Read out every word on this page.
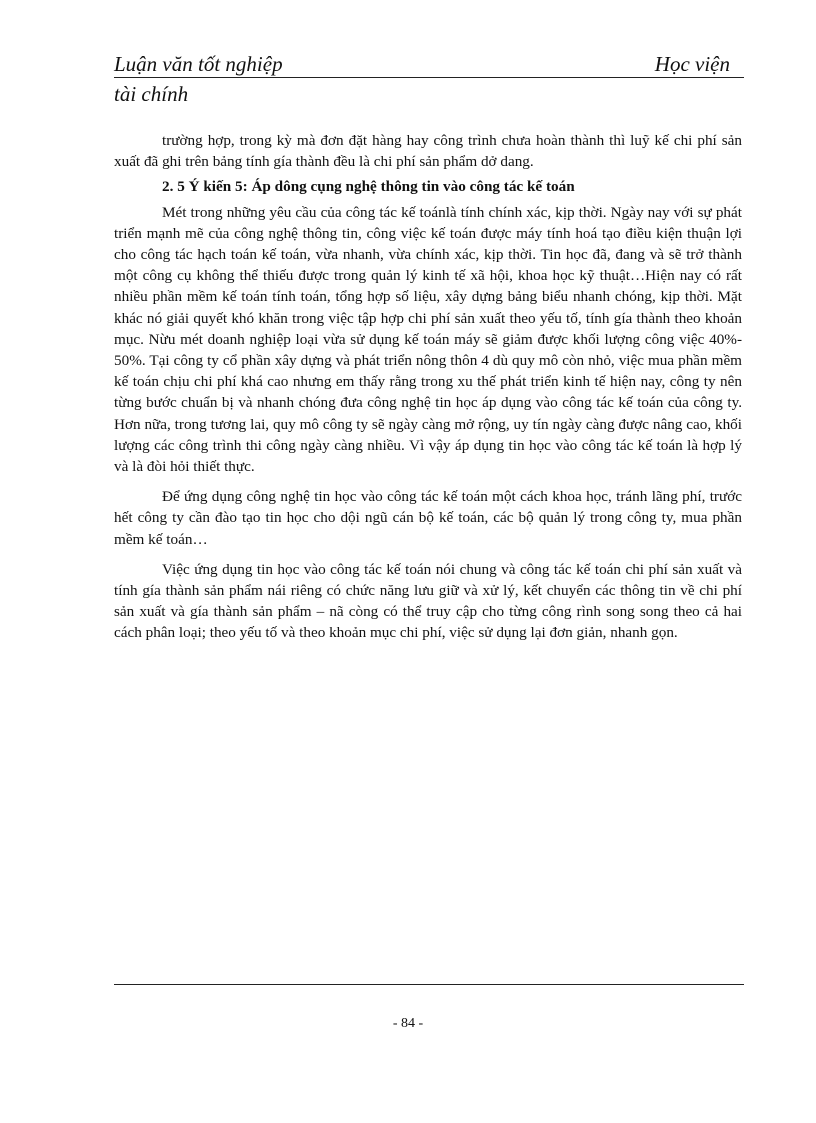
Luận văn tốt nghiệp	Học viện
tài chính

trường hợp, trong kỳ mà đơn đặt hàng hay công trình chưa hoàn thành thì luỹ kế chi phí sản xuất đã ghi trên bảng tính gía thành đều là chi phí sản phẩm dở dang.

2. 5 Ý kiến 5: Áp dông cụng nghệ thông tin vào công tác kế toán

Mét trong những yêu cầu của công tác kế toánlà tính chính xác, kịp thời. Ngày nay với sự phát triển mạnh mẽ của công nghệ thông tin, công việc kế toán được máy tính hoá tạo điều kiện thuận lợi cho công tác hạch toán kế toán, vừa nhanh, vừa chính xác, kịp thời. Tin học đã, đang và sẽ trở thành một công cụ không thể thiếu được trong quản lý kinh tế xã hội, khoa học kỹ thuật…Hiện nay có rất nhiều phần mềm kế toán tính toán, tổng hợp số liệu, xây dựng bảng biểu nhanh chóng, kịp thời. Mặt khác nó giải quyết khó khăn trong việc tập hợp chi phí sản xuất theo yếu tố, tính gía thành theo khoản mục. Nừu mét doanh nghiệp loại vừa sử dụng kế toán máy sẽ giảm được khối lượng công việc 40%- 50%. Tại công ty cổ phần xây dựng và phát triển nông thôn 4 dù quy mô còn nhỏ, việc mua phần mềm kế toán chịu chi phí khá cao nhưng em thấy rằng trong xu thế phát triển kinh tế hiện nay, công ty nên từng bước chuẩn bị và nhanh chóng đưa công nghệ tin học áp dụng vào công tác kế toán của công ty. Hơn nữa, trong tương lai, quy mô công ty sẽ ngày càng mở rộng, uy tín ngày càng được nâng cao, khối lượng các công trình thi công ngày càng nhiều. Vì vậy áp dụng tin học vào công tác kế toán là hợp lý và là đòi hỏi thiết thực.

Để ứng dụng công nghệ tin học vào công tác kế toán một cách khoa học, tránh lãng phí, trước hết công ty cần đào tạo tin học cho dội ngũ cán bộ kế toán, các bộ quản lý trong công ty, mua phần mềm kế toán…

Việc ứng dụng tin học vào công tác kế toán nói chung và công tác kế toán chi phí sản xuất và tính gía thành sản phẩm nái riêng có chức năng lưu giữ và xử lý, kết chuyển các thông tin về chi phí sản xuất và gía thành sản phẩm – nã còng có thể truy cập cho từng công rình song song theo cả hai cách phân loại; theo yếu tố và theo khoản mục chi phí, việc sử dụng lại đơn giản, nhanh gọn.

- 84 -
